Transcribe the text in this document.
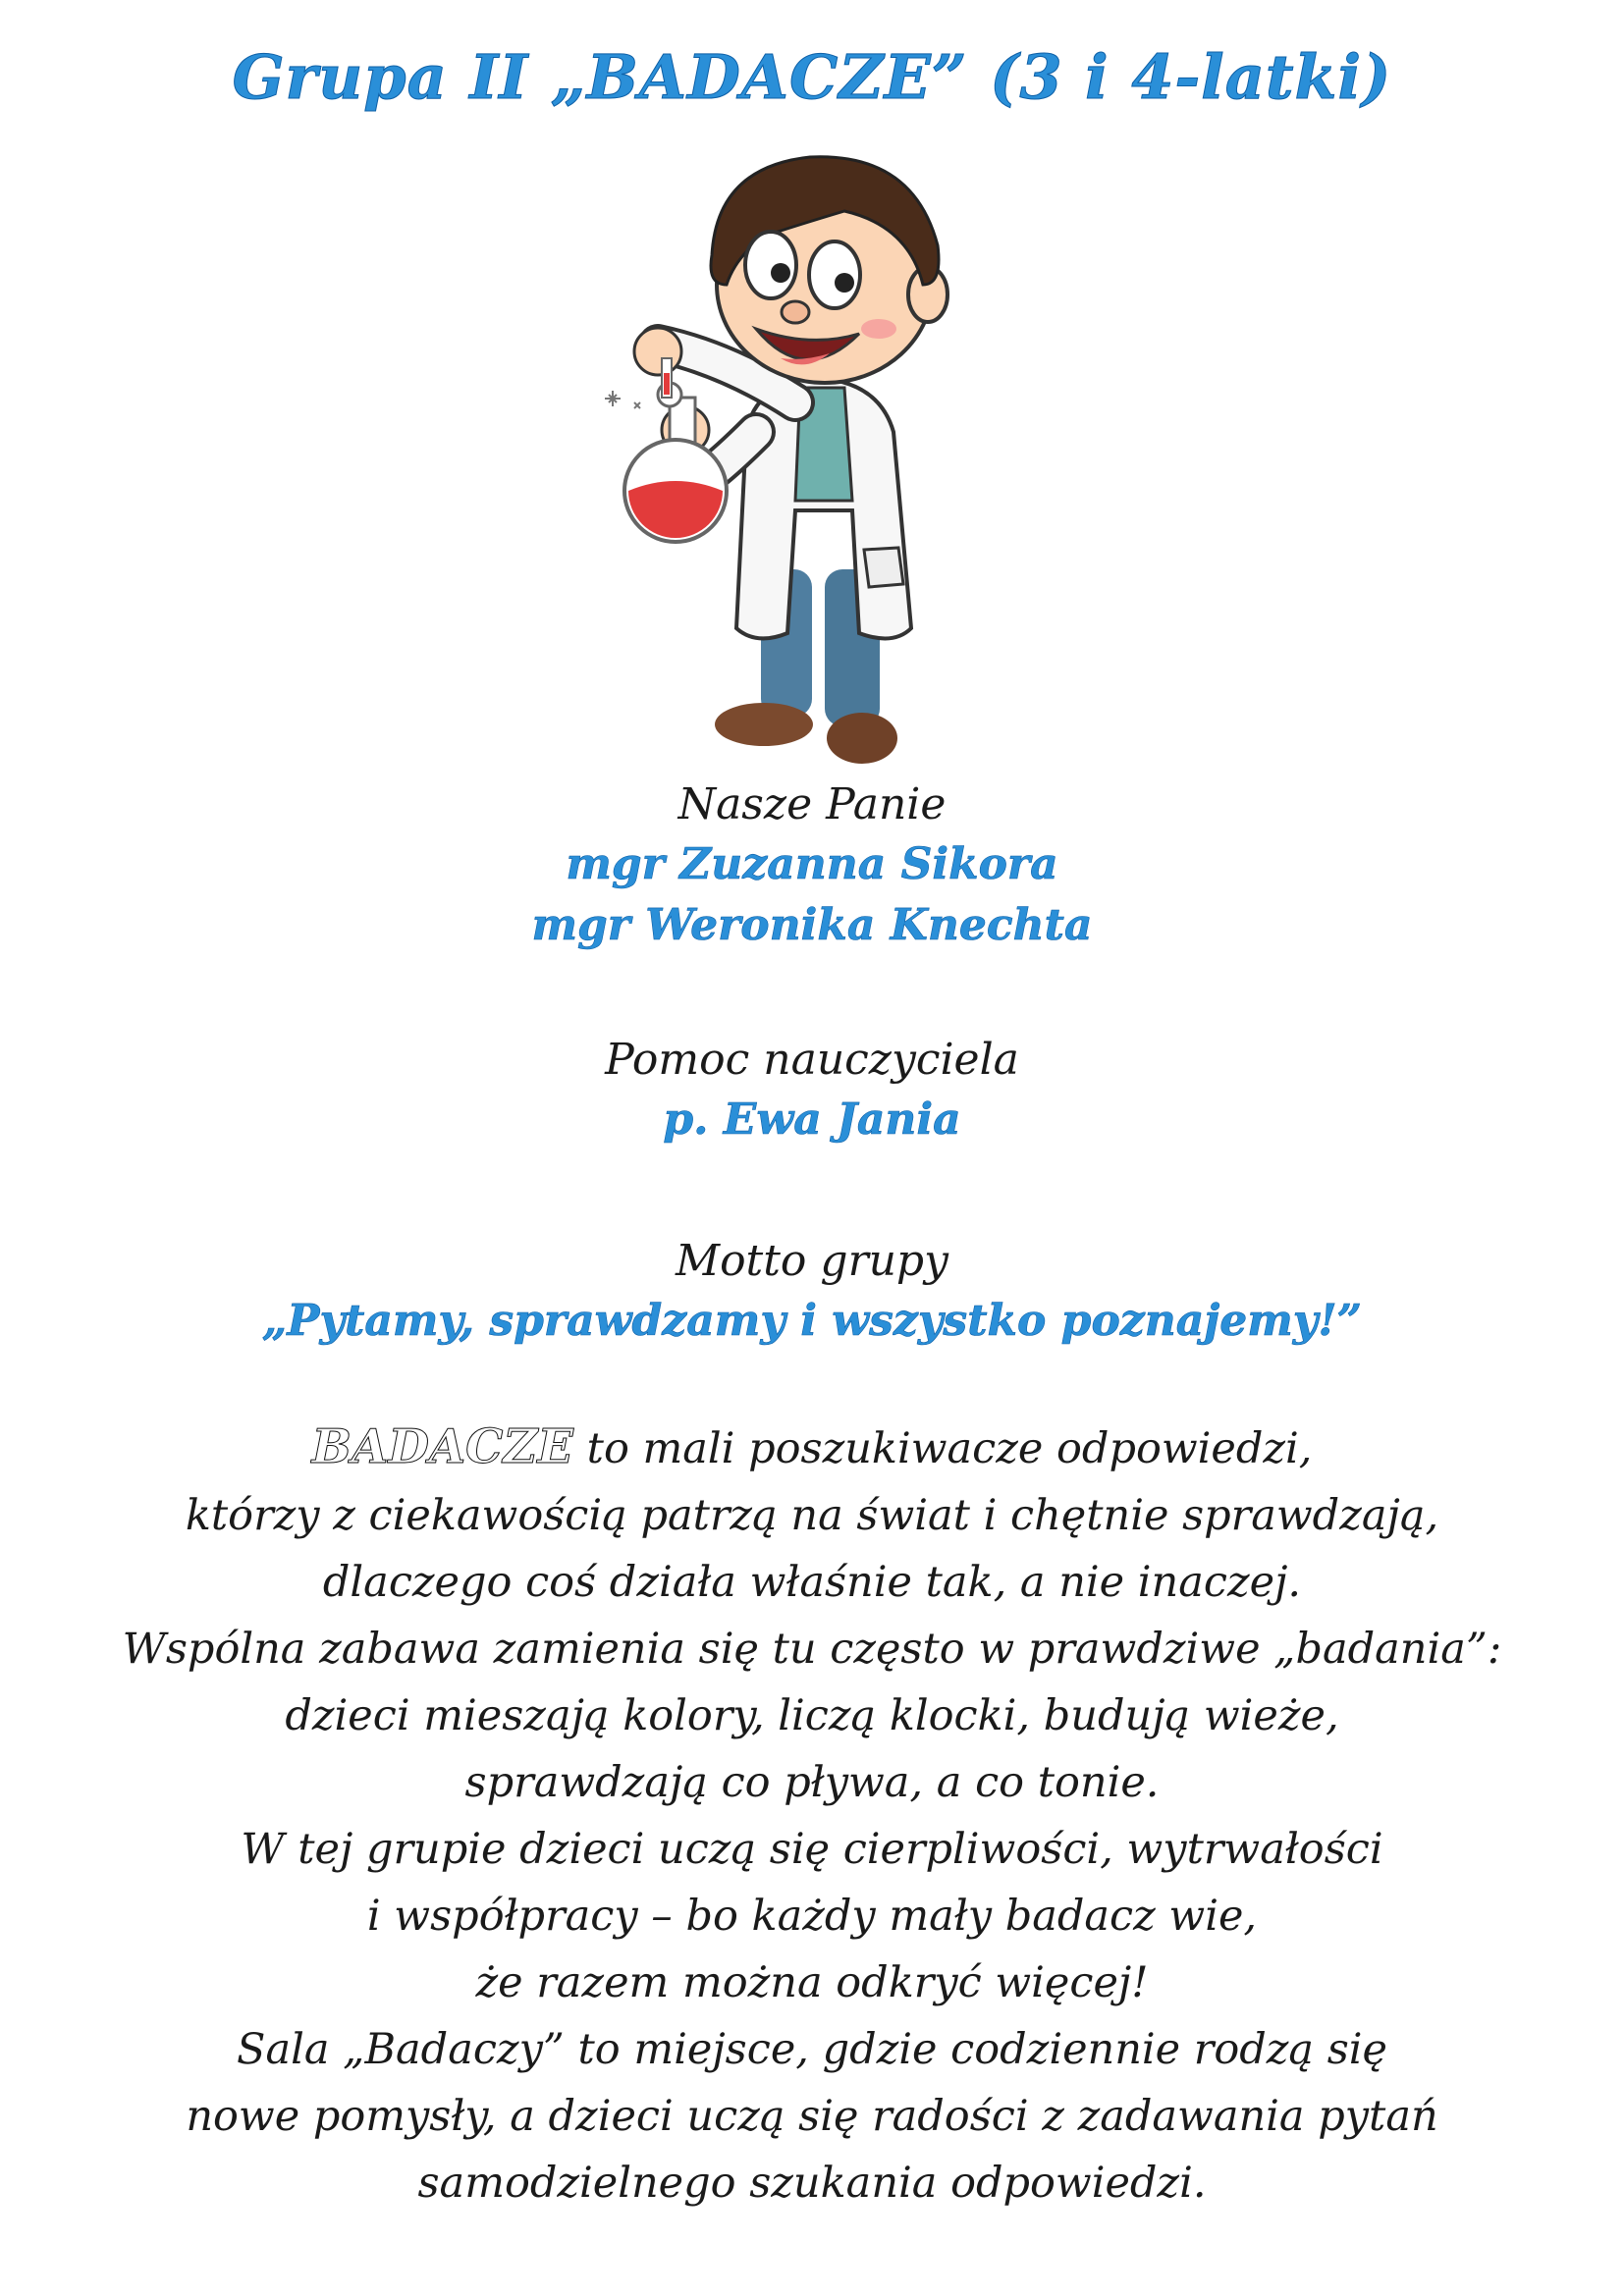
Grupa II „BADACZE” (3 i 4-latki)
Nasze Panie
mgr Zuzanna Sikora
mgr Weronika Knechta
Pomoc nauczyciela
p. Ewa Jania
Motto grupy
„Pytamy, sprawdzamy i wszystko poznajemy!”
BADACZE to mali poszukiwacze odpowiedzi,
którzy z ciekawością patrzą na świat i chętnie sprawdzają,
dlaczego coś działa właśnie tak, a nie inaczej.
Wspólna zabawa zamienia się tu często w prawdziwe „badania”:
dzieci mieszają kolory, liczą klocki, budują wieże,
sprawdzają co pływa, a co tonie.
W tej grupie dzieci uczą się cierpliwości, wytrwałości
i współpracy – bo każdy mały badacz wie,
że razem można odkryć więcej!
Sala „Badaczy” to miejsce, gdzie codziennie rodzą się
nowe pomysły, a dzieci uczą się radości z zadawania pytań
samodzielnego szukania odpowiedzi.
